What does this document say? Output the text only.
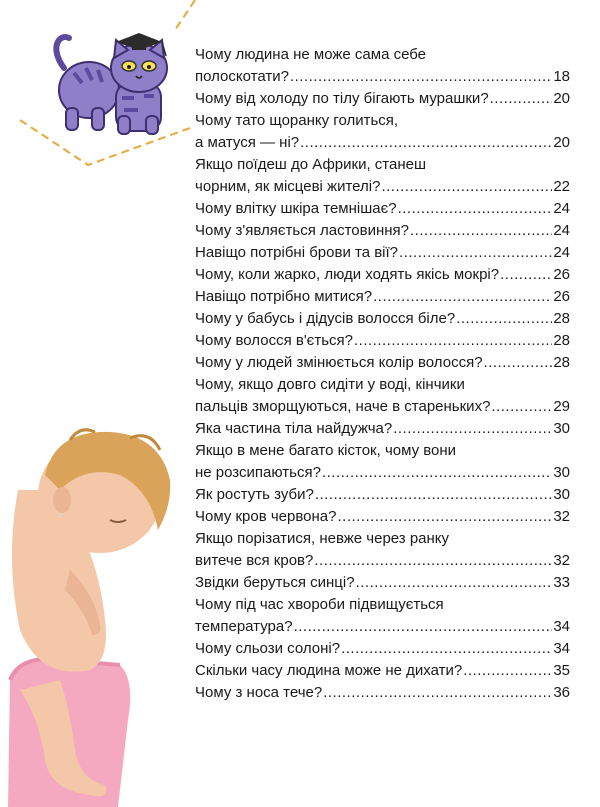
Чому людина не може сама себе
полоскотати? .....	18
Чому від холоду по тілу бігають мурашки? .....	20
Чому тато щоранку голиться,
а матуся — ні? .....	20
Якщо поїдеш до Африки, станеш
чорним, як місцеві жителі? .....	22
Чому влітку шкіра темнішає? .....	24
Чому з'являється ластовиння? .....	24
Навіщо потрібні брови та вії? .....	24
Чому, коли жарко, люди ходять якісь мокрі? .....	26
Навіщо потрібно митися? .....	26
Чому у бабусь і дідусів волосся біле? .....	28
Чому волосся в'ється? .....	28
Чому у людей змінюється колір волосся? .....	28
Чому, якщо довго сидіти у воді, кінчики
пальців зморщуються, наче в старенькиx? .....	29
Яка частина тіла найдужча? .....	30
Якщо в мене багато кісток, чому вони
не розсипаються? .....	30
Як ростуть зуби? .....	30
Чому кров червона? .....	32
Якщо порізатися, невже через ранку
витече вся кров? .....	32
Звідки беруться синці? .....	33
Чому під час хвороби підвищується
температура? .....	34
Чому сльози солоні? .....	34
Скільки часу людина може не дихати? .....	35
Чому з носа тече? .....	36
